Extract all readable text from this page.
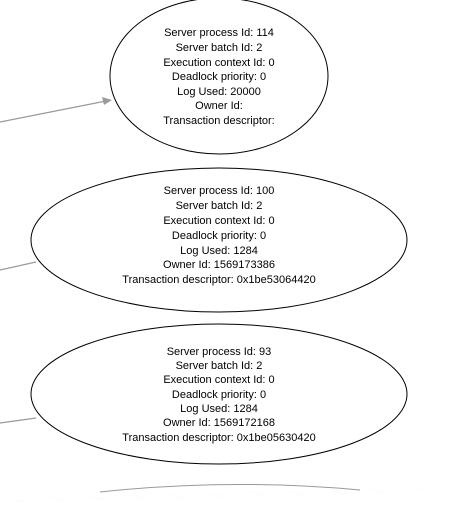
Server process Id: 114
Server batch Id: 2
Execution context Id: 0
Deadlock priority: 0
Log Used: 20000
Owner Id:
Transaction descriptor:
Server process Id: 100
Server batch Id: 2
Execution context Id: 0
Deadlock priority: 0
Log Used: 1284
Owner Id: 1569173386
Transaction descriptor: 0x1be53064420
Server process Id: 93
Server batch Id: 2
Execution context Id: 0
Deadlock priority: 0
Log Used: 1284
Owner Id: 1569172168
Transaction descriptor: 0x1be05630420
